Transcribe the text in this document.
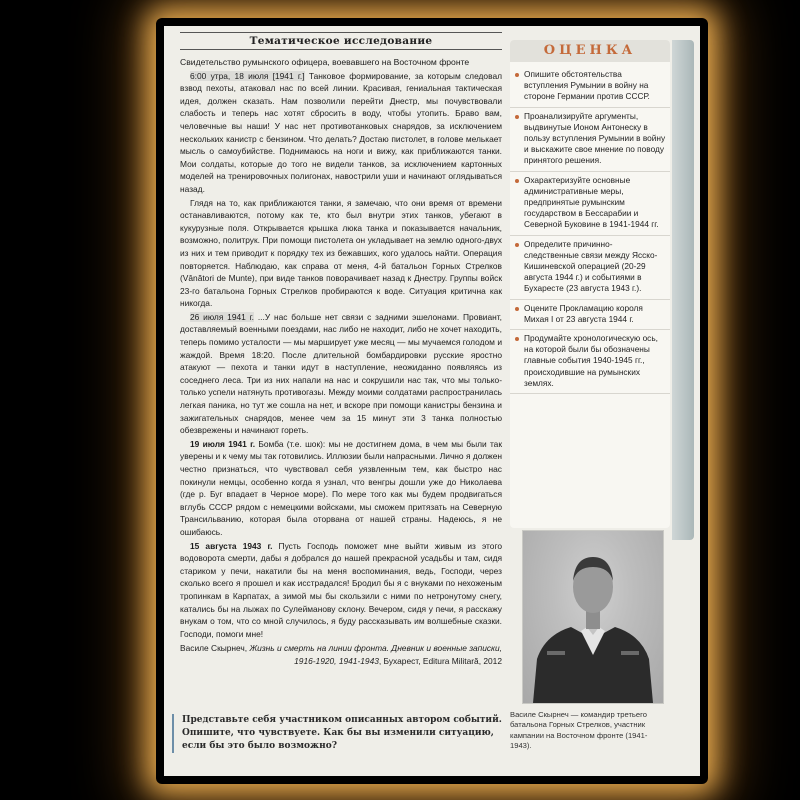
Тематическое исследование

Свидетельство румынского офицера, воевавшего на Восточном фронте

6:00 утра, 18 июля [1941 г.] Танковое формирование, за которым следовал взвод пехоты, атаковал нас по всей линии. Красивая, гениальная тактическая идея, должен сказать. Нам позволили перейти Днестр, мы почувствовали слабость и теперь нас хотят сбросить в воду, чтобы утопить. Браво вам, человечные вы наши! У нас нет противотанковых снарядов, за исключением нескольких канистр с бензином. Что делать? Достаю пистолет, в голове мелькает мысль о самоубийстве. Поднимаюсь на ноги и вижу, как приближаются танки. Мои солдаты, которые до того не видели танков, за исключением картонных моделей на тренировочных полигонах, навострили уши и начинают оглядываться назад.

Глядя на то, как приближаются танки, я замечаю, что они время от времени останавливаются, потому как те, кто был внутри этих танков, убегают в кукурузные поля. Открывается крышка люка танка и показывается начальник, возможно, политрук. При помощи пистолета он укладывает на землю одного-двух из них и тем приводит к порядку тех из бежавших, кого удалось найти. Операция повторяется. Наблюдаю, как справа от меня, 4-й батальон Горных Стрелков (Vânători de Munte), при виде танков поворачивает назад к Днестру. Группы войск 23-го батальона Горных Стрелков пробираются к воде. Ситуация критична как никогда.

26 июля 1941 г. ...У нас больше нет связи с задними эшелонами. Провиант, доставляемый военными поездами, нас либо не находит, либо не хочет находить, теперь помимо усталости — мы марширует уже месяц — мы мучаемся голодом и жаждой. Время 18:20. После длительной бомбардировки русские яростно атакуют — пехота и танки идут в наступление, неожиданно появляясь из соседнего леса. Три из них напали на нас и сокрушили нас так, что мы только-только успели натянуть противогазы. Между моими солдатами распространилась легкая паника, но тут же сошла на нет, и вскоре при помощи канистры бензина и зажигательных снарядов, менее чем за 15 минут эти 3 танка полностью обезврежены и начинают гореть.

19 июля 1941 г. Бомба (т.е. шок): мы не достигнем дома, в чем мы были так уверены и к чему мы так готовились. Иллюзии были напрасными. Лично я должен честно признаться, что чувствовал себя уязвленным тем, как быстро нас покинули немцы, особенно когда я узнал, что венгры дошли уже до Николаева (где р. Буг впадает в Черное море). По мере того как мы будем продвигаться вглубь СССР рядом с немецкими войсками, мы сможем притязать на Северную Трансильванию, которая была оторвана от нашей страны. Надеюсь, я не ошибаюсь.

15 августа 1943 г. Пусть Господь поможет мне выйти живым из этого водоворота смерти, дабы я добрался до нашей прекрасной усадьбы и там, сидя стариком у печи, накатили бы на меня воспоминания, ведь, Господи, через сколько всего я прошел и как исстрадался! Бродил бы я с внуками по нехоженым тропинкам в Карпатах, а зимой мы бы скользили с ними по нетронутому снегу, катались бы на лыжах по Сулейманову склону. Вечером, сидя у печи, я расскажу внукам о том, что со мной случилось, я буду рассказывать им волшебные сказки. Господи, помоги мне!

Василе Скырнеч, Жизнь и смерть на линии фронта. Дневник и военные записки, 1916-1920, 1941-1943, Бухарест, Editura Militară, 2012
Представьте себя участником описанных автором событий. Опишите, что чувствуете. Как бы вы изменили ситуацию, если бы это было возможно?
ОЦЕНКА
Опишите обстоятельства вступления Румынии в войну на стороне Германии против СССР.
Проанализируйте аргументы, выдвинутые Ионом Антонеску в пользу вступления Румынии в войну и выскажите свое мнение по поводу принятого решения.
Охарактеризуйте основные административные меры, предпринятые румынским государством в Бессарабии и Северной Буковине в 1941-1944 гг.
Определите причинно-следственные связи между Ясско-Кишиневской операцией (20-29 августа 1944 г.) и событиями в Бухаресте (23 августа 1943 г.).
Оцените Прокламацию короля Михая I от 23 августа 1944 г.
Продумайте хронологическую ось, на которой были бы обозначены главные события 1940-1945 гг., происходившие на румынских землях.
Василе Скырнеч — командир третьего батальона Горных Стрелков, участник кампании на Восточном фронте (1941-1943).
